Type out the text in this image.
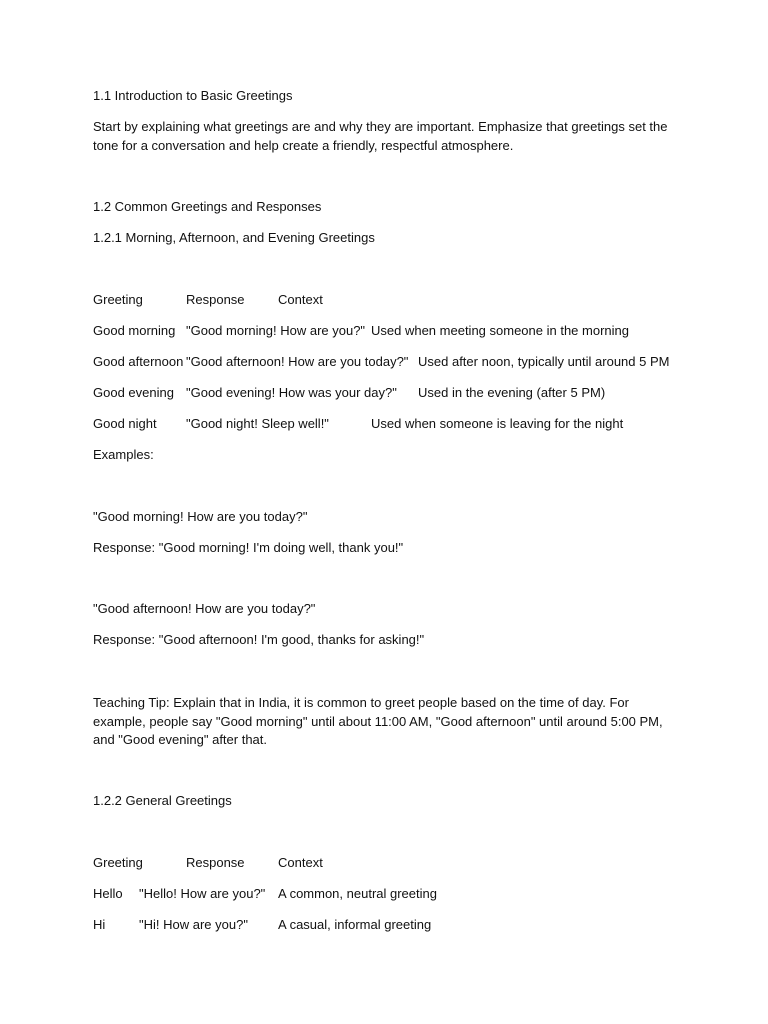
1.1 Introduction to Basic Greetings
Start by explaining what greetings are and why they are important. Emphasize that greetings set the tone for a conversation and help create a friendly, respectful atmosphere.
1.2 Common Greetings and Responses
1.2.1 Morning, Afternoon, and Evening Greetings
Greeting	Response	Context
Good morning "Good morning! How are you?" Used when meeting someone in the morning
Good afternoon "Good afternoon! How are you today?" Used after noon, typically until around 5 PM
Good evening "Good evening! How was your day?" Used in the evening (after 5 PM)
Good night "Good night! Sleep well!"	Used when someone is leaving for the night
Examples:
"Good morning! How are you today?"
Response: "Good morning! I'm doing well, thank you!"
"Good afternoon! How are you today?"
Response: "Good afternoon! I'm good, thanks for asking!"
Teaching Tip: Explain that in India, it is common to greet people based on the time of day. For example, people say "Good morning" until about 11:00 AM, "Good afternoon" until around 5:00 PM, and "Good evening" after that.
1.2.2 General Greetings
Greeting	Response	Context
Hello "Hello! How are you?" A common, neutral greeting
Hi	"Hi! How are you?" A casual, informal greeting
